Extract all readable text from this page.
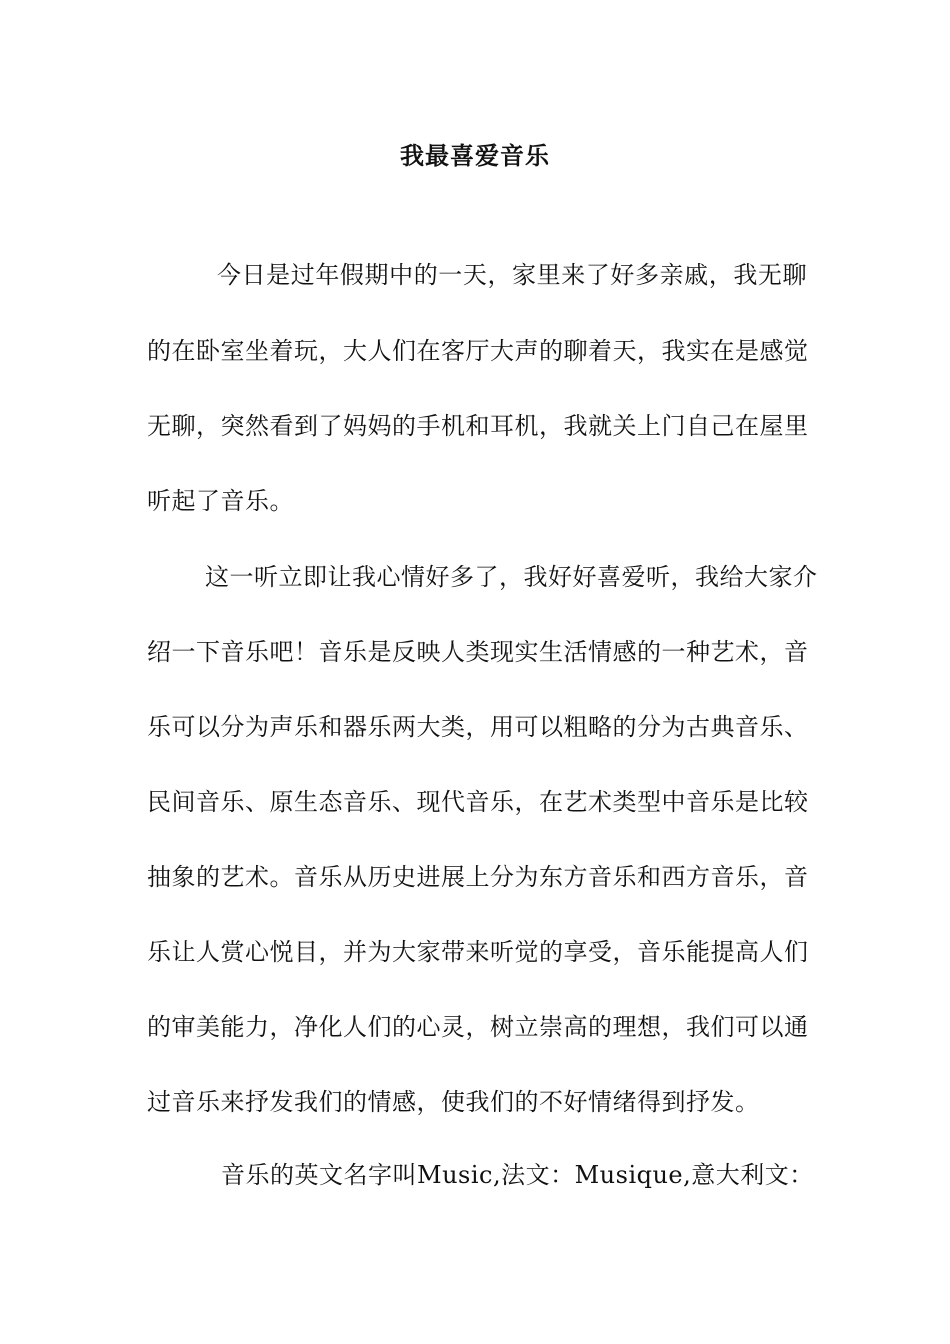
我最喜爱音乐
今日是过年假期中的一天，家里来了好多亲戚，我无聊
的在卧室坐着玩，大人们在客厅大声的聊着天，我实在是感觉
无聊，突然看到了妈妈的手机和耳机，我就关上门自己在屋里
听起了音乐。
这一听立即让我心情好多了，我好好喜爱听，我给大家介
绍一下音乐吧！音乐是反映人类现实生活情感的一种艺术，音
乐可以分为声乐和器乐两大类，用可以粗略的分为古典音乐、
民间音乐、原生态音乐、现代音乐，在艺术类型中音乐是比较
抽象的艺术。音乐从历史进展上分为东方音乐和西方音乐，音
乐让人赏心悦目，并为大家带来听觉的享受，音乐能提高人们
的审美能力，净化人们的心灵，树立崇高的理想，我们可以通
过音乐来抒发我们的情感，使我们的不好情绪得到抒发。
音乐的英文名字叫Music,法文：Musique,意大利文：
